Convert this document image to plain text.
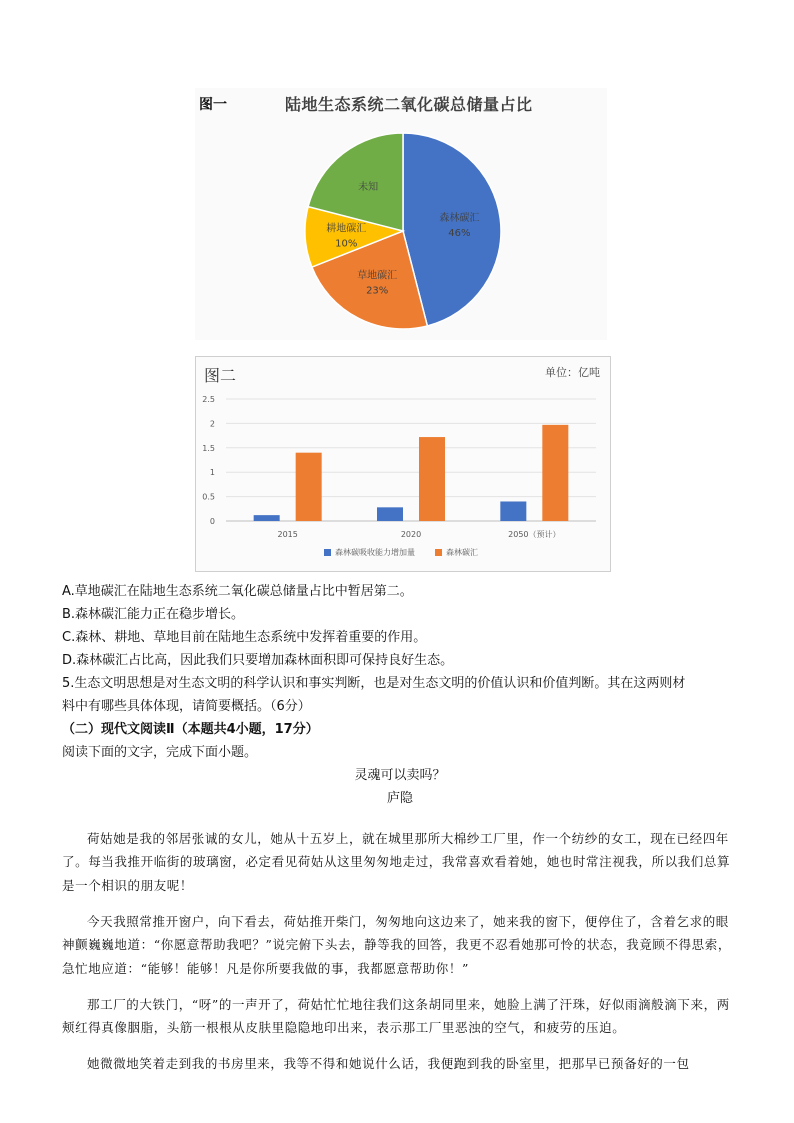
图一	陆地生态系统二氧化碳总储量占比
森林碳汇
46%
草地碳汇
23%
耕地碳汇
10%
未知
图二	单位：亿吨
0
0.5
1
1.5
2
2.5
2015	2020	2050（预计）
森林碳吸收能力增加量	森林碳汇

A.草地碳汇在陆地生态系统二氧化碳总储量占比中暂居第二。

B.森林碳汇能力正在稳步增长。

C.森林、耕地、草地目前在陆地生态系统中发挥着重要的作用。

D.森林碳汇占比高，因此我们只要增加森林面积即可保持良好生态。

5.生态文明思想是对生态文明的科学认识和事实判断，也是对生态文明的价值认识和价值判断。其在这两则材

料中有哪些具体体现，请简要概括。（6分）

（二）现代文阅读Ⅱ（本题共4小题，17分）

阅读下面的文字，完成下面小题。

灵魂可以卖吗？

庐隐

荷姑她是我的邻居张诚的女儿，她从十五岁上，就在城里那所大棉纱工厂里，作一个纺纱的女工，现在已经四年了。每当我推开临街的玻璃窗，必定看见荷姑从这里匆匆地走过，我常喜欢看着她，她也时常注视我，所以我们总算是一个相识的朋友呢！

今天我照常推开窗户，向下看去，荷姑推开柴门，匆匆地向这边来了，她来我的窗下，便停住了，含着乞求的眼神颤巍巍地道：“你愿意帮助我吧？”说完俯下头去，静等我的回答，我更不忍看她那可怜的状态，我竟顾不得思索，急忙地应道：“能够！能够！凡是你所要我做的事，我都愿意帮助你！”

那工厂的大铁门，“呀”的一声开了，荷姑忙忙地往我们这条胡同里来，她脸上满了汗珠，好似雨滴般滴下来，两颊红得真像胭脂，头筋一根根从皮肤里隐隐地印出来，表示那工厂里恶浊的空气，和疲劳的压迫。

她微微地笑着走到我的书房里来，我等不得和她说什么话，我便跑到我的卧室里，把那早已预备好的一包
